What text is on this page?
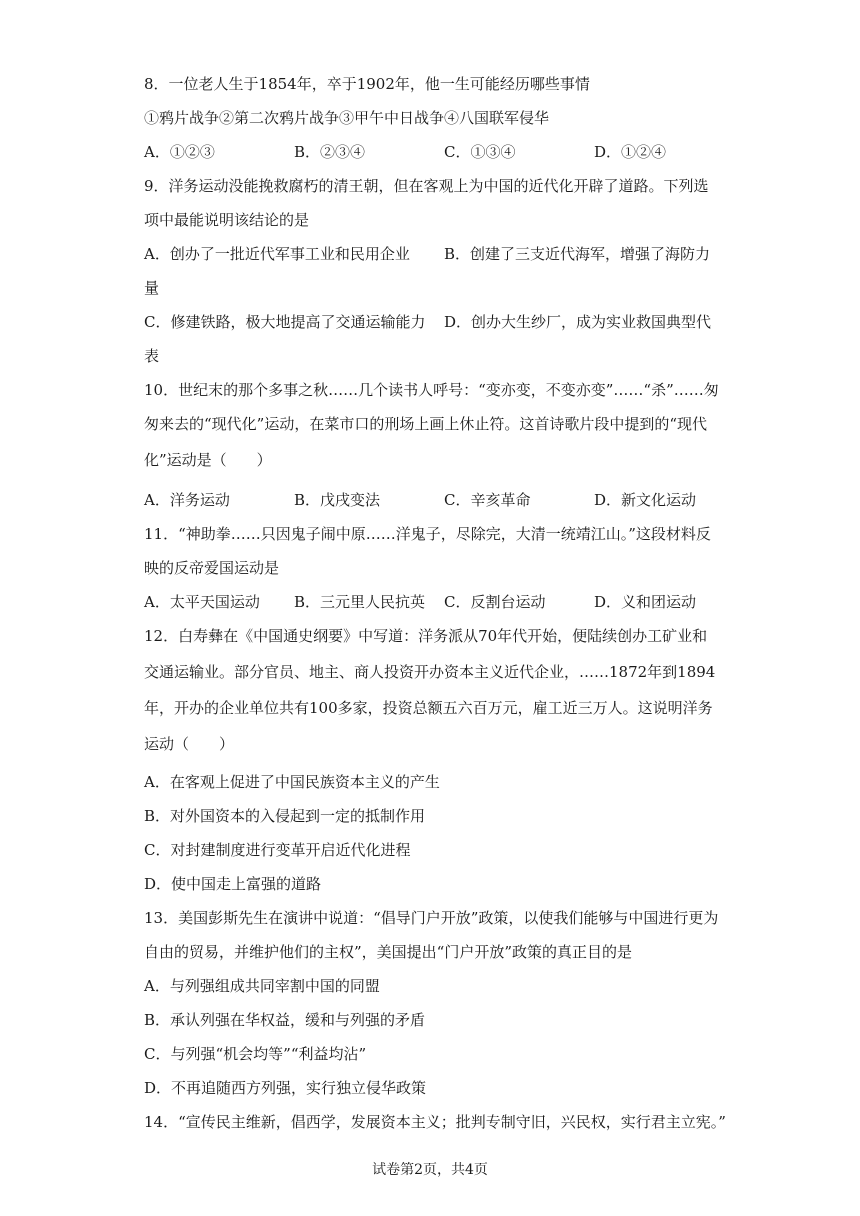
8．一位老人生于1854年，卒于1902年，他一生可能经历哪些事情
①鸦片战争②第二次鸦片战争③甲午中日战争④八国联军侵华
A．①②③	B．②③④	C．①③④	D．①②④
9．洋务运动没能挽救腐朽的清王朝，但在客观上为中国的近代化开辟了道路。下列选
项中最能说明该结论的是
A．创办了一批近代军事工业和民用企业 B．创建了三支近代海军，增强了海防力
量
C．修建铁路，极大地提高了交通运输能力 D．创办大生纱厂，成为实业救国典型代
表
10．世纪末的那个多事之秋……几个读书人呼号：“变亦变，不变亦变”……“杀”……匆
匆来去的“现代化”运动，在菜市口的刑场上画上休止符。这首诗歌片段中提到的“现代
化”运动是（　　）
A．洋务运动	B．戊戌变法	C．辛亥革命	D．新文化运动
11．“神助拳……只因鬼子闹中原……洋鬼子，尽除完，大清一统靖江山。”这段材料反
映的反帝爱国运动是
A．太平天国运动 B．三元里人民抗英 C．反割台运动	D．义和团运动
12．白寿彝在《中国通史纲要》中写道：洋务派从70年代开始，便陆续创办工矿业和
交通运输业。部分官员、地主、商人投资开办资本主义近代企业，……1872年到1894
年，开办的企业单位共有100多家，投资总额五六百万元，雇工近三万人。这说明洋务
运动（　　）
A．在客观上促进了中国民族资本主义的产生
B．对外国资本的入侵起到一定的抵制作用
C．对封建制度进行变革开启近代化进程
D．使中国走上富强的道路
13．美国彭斯先生在演讲中说道：“倡导门户开放”政策，以使我们能够与中国进行更为
自由的贸易，并维护他们的主权”，美国提出“门户开放”政策的真正目的是
A．与列强组成共同宰割中国的同盟
B．承认列强在华权益，缓和与列强的矛盾
C．与列强“机会均等”“利益均沾”
D．不再追随西方列强，实行独立侵华政策
14．“宣传民主维新，倡西学，发展资本主义；批判专制守旧，兴民权，实行君主立宪。”
试卷第2页，共4页
